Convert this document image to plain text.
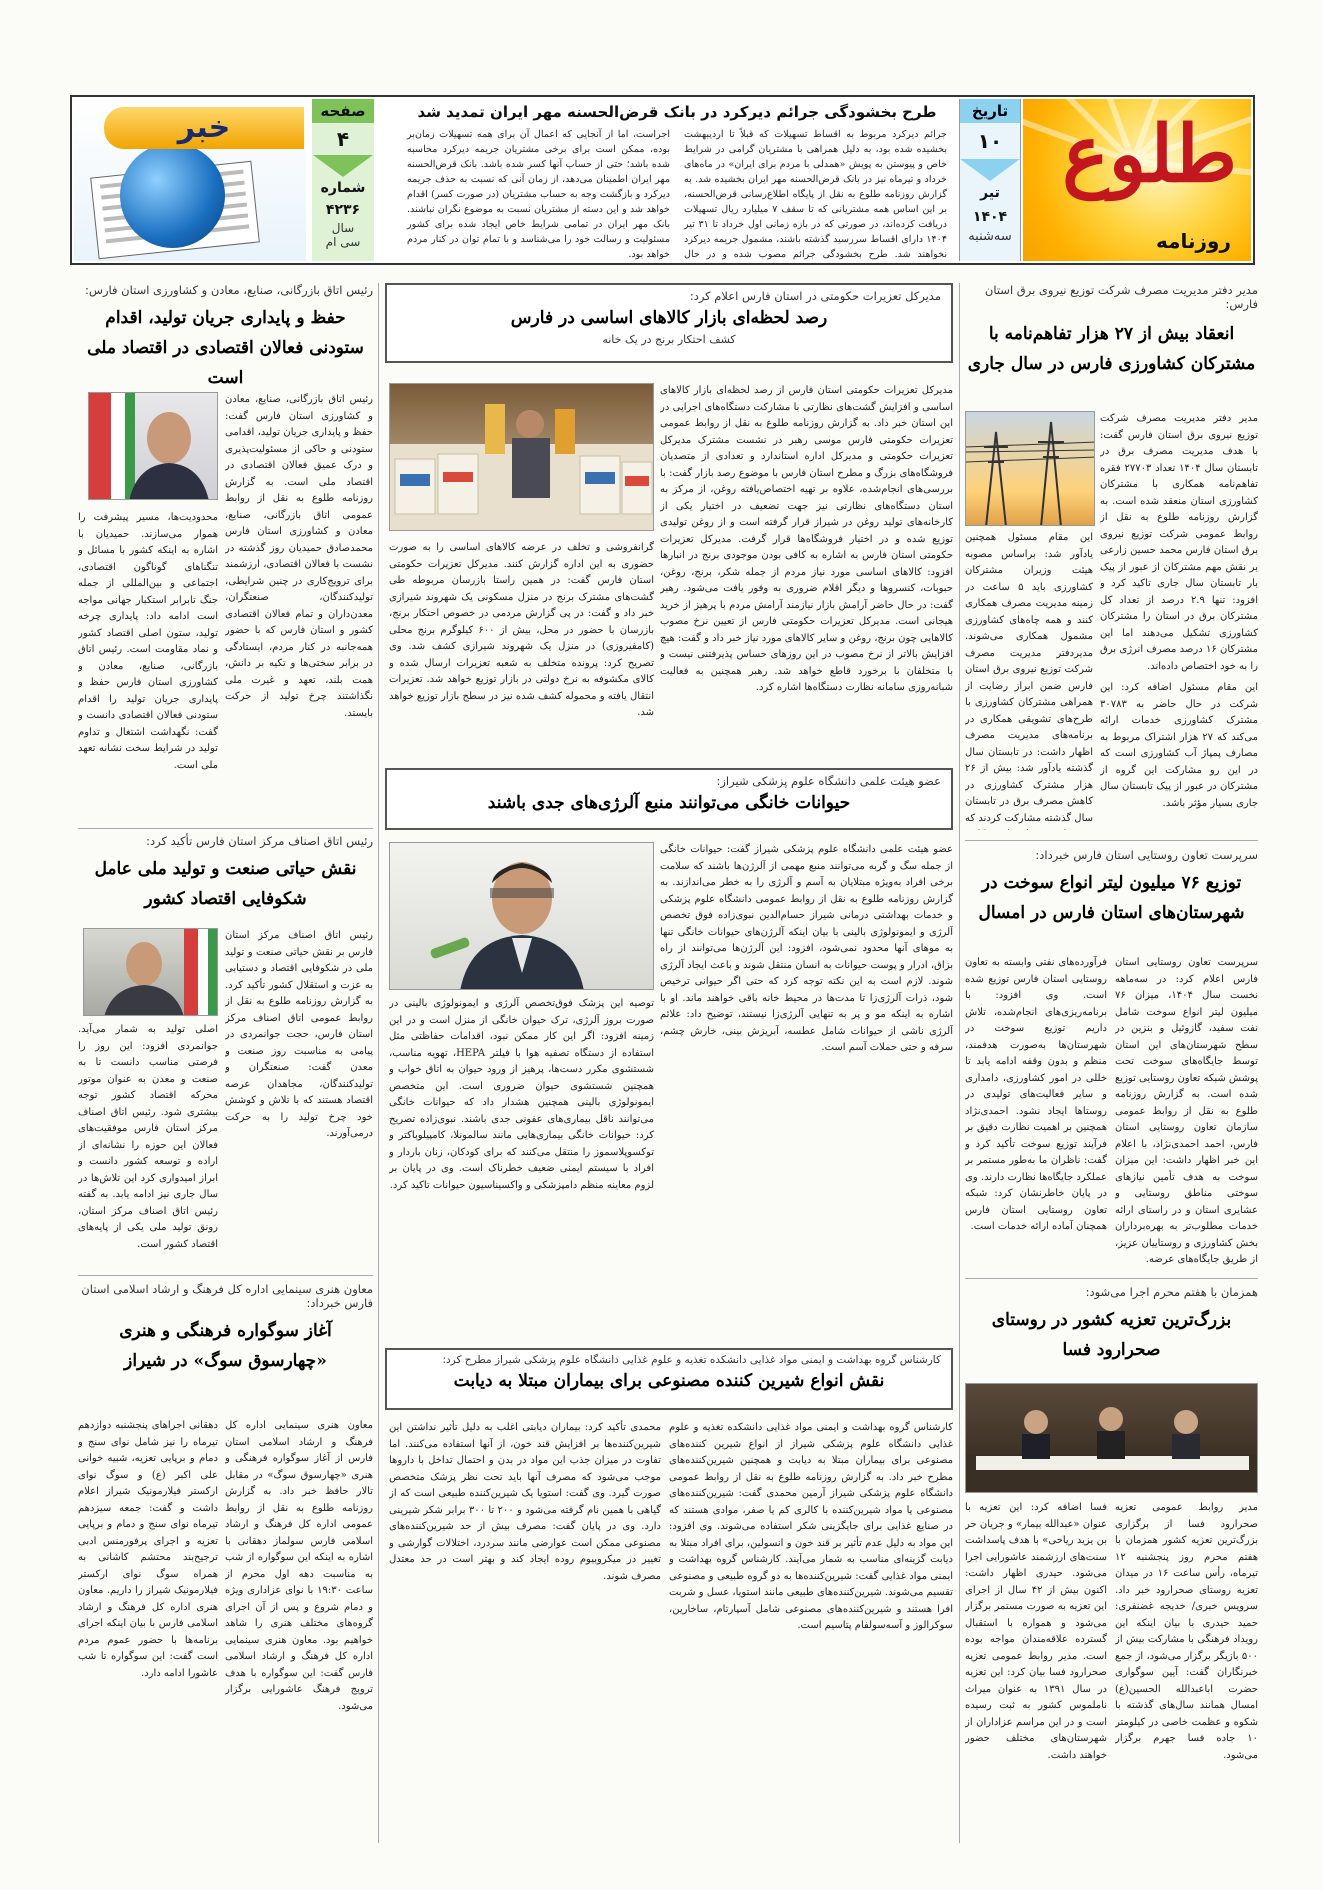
طلوع
روزنامه
تاریخ
۱۰
تیر
۱۴۰۴
سه‌شنبه
طرح بخشودگی جرائم دیرکرد در بانک قرض‌الحسنه مهر ایران تمدید شد
جرائم دیرکرد مربوط به اقساط تسهیلات که قبلاً تا اردیبهشت بخشیده شده بود، به دلیل همراهی با مشتریان گرامی در شرایط خاص و پیوستن به پویش «همدلی با مردم برای ایران» در ماه‌های خرداد و تیرماه نیز در بانک قرض‌الحسنه مهر ایران بخشیده شد. به گزارش روزنامه طلوع به نقل از پایگاه اطلاع‌رسانی قرض‌الحسنه، بر این اساس همه مشتریانی که تا سقف ۷ میلیارد ریال تسهیلات دریافت کرده‌اند، در صورتی که در بازه زمانی اول خرداد تا ۳۱ تیر ۱۴۰۴ دارای اقساط سررسید گذشته باشند، مشمول جریمه دیرکرد نخواهند شد. طرح بخشودگی جرائم مصوب شده و در حال اجراست، اما از آنجایی که اعمال آن برای همه تسهیلات زمان‌بر بوده، ممکن است برای برخی مشتریان جریمه دیرکرد محاسبه شده باشد؛ حتی از حساب آنها کسر شده باشد. بانک قرض‌الحسنه مهر ایران اطمینان می‌دهد، از زمان آنی که نسبت به حذف جریمه دیرکرد و بازگشت وجه به حساب مشتریان (در صورت کسر) اقدام خواهد شد و این دسته از مشتریان نسبت به موضوع نگران نباشند. بانک مهر ایران در تمامی شرایط خاص ایجاد شده برای کشور مسئولیت و رسالت خود را می‌شناسد و با تمام توان در کنار مردم خواهد بود.
صفحه
۴
شماره
۴۲۳۶
سال
سی ام
خبر
مدیر دفتر مدیریت مصرف شرکت توزیع نیروی برق استان فارس:
انعقاد بیش از ۲۷ هزار تفاهم‌نامه با مشترکان کشاورزی فارس در سال جاری
مدیر دفتر مدیریت مصرف شرکت توزیع نیروی برق استان فارس گفت: با هدف مدیریت مصرف برق در تابستان سال ۱۴۰۴ تعداد ۲۷۷۰۳ فقره تفاهم‌نامه همکاری با مشترکان کشاورزی استان منعقد شده است. به گزارش روزنامه طلوع به نقل از روابط عمومی شرکت توزیع نیروی برق استان فارس محمد حسین زارعی بر نقش مهم مشترکان از عبور از پیک بار تابستان سال جاری تاکید کرد و افزود: تنها ۲.۹ درصد از تعداد کل مشترکان برق در استان را مشترکان کشاورزی تشکیل می‌دهند اما این مشترکان ۱۶ درصد مصرف انرژی برق را به خود اختصاص داده‌اند.
این مقام مسئول همچنین یادآور شد: براساس مصوبه هیئت وزیران مشترکان کشاورزی باید ۵ ساعت در زمینه مدیریت مصرف همکاری کنند و همه چاه‌های کشاورزی مشمول همکاری می‌شوند. مدیردفتر مدیریت مصرف شرکت توزیع نیروی برق استان فارس ضمن ابراز رضایت از همراهی مشترکان کشاورزی با طرح‌های تشویقی همکاری در برنامه‌های مدیریت مصرف اظهار داشت: در تابستان سال گذشته یادآور شد: بیش از ۲۶ هزار مشترک کشاورزی در کاهش مصرف برق در تابستان سال گذشته مشارکت کردند که
این مقام مسئول اضافه کرد: این شرکت در حال حاضر به ۳۰۷۸۳ مشترک کشاورزی خدمات ارائه می‌کند که ۲۷ هزار اشتراک مربوط به مصارف پمپاژ آب کشاورزی است که در این رو مشارکت این گروه از مشترکان در عبور از پیک تابستان سال جاری بسیار مؤثر باشد.
سرپرست تعاون روستایی استان فارس خبرداد:
توزیع ۷۶ میلیون لیتر انواع سوخت در شهرستان‌های استان فارس در امسال
سرپرست تعاون روستایی استان فارس اعلام کرد: در سه‌ماهه نخست سال ۱۴۰۴، میزان ۷۶ میلیون لیتر انواع سوخت شامل نفت سفید، گازوئیل و بنزین در سطح شهرستان‌های این استان توسط جایگاه‌های سوخت تحت پوشش شبکه تعاون روستایی توزیع شده است. به گزارش روزنامه طلوع به نقل از روابط عمومی سازمان تعاون روستایی استان فارس، احمد احمدی‌نژاد، با اعلام این خبر اظهار داشت: این میزان سوخت به هدف تأمین نیازهای سوختی مناطق روستایی و عشایری استان و در راستای ارائه خدمات مطلوب‌تر به بهره‌برداران بخش کشاورزی و روستاییان عزیز، از طریق جایگاه‌های عرضه.
فرآورده‌های نفتی وابسته به تعاون روستایی استان فارس توزیع شده است. وی افزود: با برنامه‌ریزی‌های انجام‌شده، تلاش داریم توزیع سوخت در شهرستان‌ها به‌صورت هدفمند، منظم و بدون وقفه ادامه یابد تا خللی در امور کشاورزی، دامداری و سایر فعالیت‌های تولیدی در روستاها ایجاد نشود. احمدی‌نژاد همچنین بر اهمیت نظارت دقیق بر فرآیند توزیع سوخت تأکید کرد و گفت: ناظران ما به‌طور مستمر بر عملکرد جایگاه‌ها نظارت دارند. وی در پایان خاطرنشان کرد: شبکه تعاون روستایی استان فارس همچنان آماده ارائه خدمات است.
همزمان با هفتم محرم اجرا می‌شود:
بزرگ‌ترین تعزیه کشور در روستای صحرارود فسا
مدیر روابط عمومی تعزیه صحرارود فسا از برگزاری بزرگ‌ترین تعزیه کشور همزمان با هفتم محرم روز پنجشنبه ۱۲ تیرماه، رأس ساعت ۱۶ در میدان تعزیه روستای صحرارود خبر داد. سرویس خبری/ خدیجه غضنفری: حمید حیدری با بیان اینکه این رویداد فرهنگی با مشارکت بیش از ۵۰۰ بازیگر برگزار می‌شود، از جمع خبرنگاران گفت: آیین سوگواری حضرت ابا‌عبدالله الحسین(ع) امسال همانند سال‌های گذشته با شکوه و عظمت خاصی در کیلومتر ۱۰ جاده فسا جهرم برگزار می‌شود.
فسا اضافه کرد: این تعزیه با عنوان «عبدالله بیمار» و جریان حر بن یزید ریاحی» با هدف پاسداشت سنت‌های ارزشمند عاشورایی اجرا می‌شود. حیدری اظهار داشت: اکنون بیش از ۴۲ سال از اجرای این تعزیه به صورت مستمر برگزار می‌شود و همواره با استقبال گسترده علاقه‌مندان مواجه بوده است. مدیر روابط عمومی تعزیه صحرارود فسا بیان کرد: این تعزیه در سال ۱۳۹۱ به عنوان میراث ناملموس کشور به ثبت رسیده است و در این مراسم عزاداران از شهرستان‌های مختلف حضور خواهند داشت.
مدیرکل تعزیرات حکومتی در استان فارس اعلام کرد:
رصد لحظه‌ای بازار کالاهای اساسی در فارس
کشف احتکار برنج در یک خانه
مدیرکل تعزیرات حکومتی استان فارس از رصد لحظه‌ای بازار کالاهای اساسی و افزایش گشت‌های نظارتی با مشارکت دستگاه‌های اجرایی در این استان خبر داد. به گزارش روزنامه طلوع به نقل از روابط عمومی تعزیرات حکومتی فارس موسی رهبر در نشست مشترک مدیرکل تعزیرات حکومتی و مدیرکل اداره استاندارد و تعدادی از متصدیان فروشگاه‌های بزرگ و مطرح استان فارس با موضوع رصد بازار گفت: با بررسی‌های انجام‌شده، علاوه بر تهیه اختصاص‌یافته روغن، از مرکز به استان دستگاه‌های نظارتی نیز جهت تضعیف در اختیار یکی از کارخانه‌های تولید روغن در شیراز قرار گرفته است و از روغن تولیدی توزیع شده و در اختیار فروشگاه‌ها قرار گرفت. مدیرکل تعزیرات حکومتی استان فارس به اشاره به کافی بودن موجودی برنج در انبارها افزود: کالاهای اساسی مورد نیاز مردم از جمله شکر، برنج، روغن، حبوبات، کنسروها و دیگر اقلام ضروری به وفور یافت می‌شود. رهبر گفت: در حال حاضر آرامش بازار نیازمند آرامش مردم با پرهیز از خرید هیجانی است. مدیرکل تعزیرات حکومتی فارس از تعیین نرخ مصوب کالاهایی چون برنج، روغن و سایر کالاهای مورد نیاز خبر داد و گفت: هیچ افزایش بالاتر از نرخ مصوب در این روزهای حساس پذیرفتنی نیست و با متخلفان با برخورد قاطع خواهد شد. رهبر همچنین به فعالیت شبانه‌روزی سامانه نظارت دستگاه‌ها اشاره کرد.
گرانفروشی و تخلف در عرضه کالاهای اساسی را به صورت حضوری به این اداره گزارش کنند. مدیرکل تعزیرات حکومتی استان فارس گفت: در همین راستا بازرسان مربوطه طی گشت‌های مشترک برنج در منزل مسکونی یک شهروند شیرازی خبر داد و گفت: در پی گزارش مردمی در خصوص احتکار برنج، بازرسان با حضور در محل، بیش از ۶۰۰ کیلوگرم برنج محلی (کامفیروزی) در منزل یک شهروند شیرازی کشف شد. وی تصریح کرد: پرونده متخلف به شعبه تعزیرات ارسال شده و کالای مکشوفه به نرخ دولتی در بازار توزیع خواهد شد. تعزیرات انتقال یافته و محموله کشف شده نیز در سطح بازار توزیع خواهد شد.
عضو هیئت علمی دانشگاه علوم پزشکی شیراز:
حیوانات خانگی می‌توانند منبع آلرژی‌های جدی باشند
عضو هیئت علمی دانشگاه علوم پزشکی شیراز گفت: حیوانات خانگی از جمله سگ و گربه می‌توانند منبع مهمی از آلرژن‌ها باشند که سلامت برخی افراد به‌ویژه مبتلایان به آسم و آلرژی را به خطر می‌اندازند. به گزارش روزنامه طلوع به نقل از روابط عمومی دانشگاه علوم پزشکی و خدمات بهداشتی درمانی شیراز حسام‌الدین نبوی‌زاده فوق تخصص آلرژی و ایمونولوژی بالینی با بیان اینکه آلرژن‌های حیوانات خانگی تنها به موهای آنها محدود نمی‌شود، افزود: این آلرژن‌ها می‌توانند از راه بزاق، ادرار و پوست حیوانات به انسان منتقل شوند و باعث ایجاد آلرژی شوند. لازم است به این نکته توجه کرد که حتی اگر حیوانی ترخیص شود، ذرات آلرژی‌زا تا مدت‌ها در محیط خانه باقی خواهند ماند. او با اشاره به اینکه مو و پر به تنهایی آلرژی‌زا نیستند، توضیح داد: علائم آلرژی ناشی از حیوانات شامل عطسه، آبریزش بینی، خارش چشم، سرفه و حتی حملات آسم است.
توصیه این پزشک فوق‌تخصص آلرژی و ایمونولوژی بالینی در صورت بروز آلرژی، ترک حیوان خانگی از منزل است و در این زمینه افزود: اگر این کار ممکن نبود، اقدامات حفاظتی مثل استفاده از دستگاه تصفیه هوا با فیلتر HEPA، تهویه مناسب، شستشوی مکرر دست‌ها، پرهیز از ورود حیوان به اتاق خواب و همچنین شستشوی حیوان ضروری است. این متخصص ایمونولوژی بالینی همچنین هشدار داد که حیوانات خانگی می‌توانند ناقل بیماری‌های عفونی جدی باشند. نبوی‌زاده تصریح کرد: حیوانات خانگی بیماری‌هایی مانند سالمونلا، کامپیلوباکتر و توکسوپلاسموز را منتقل می‌کنند که برای کودکان، زنان باردار و افراد با سیستم ایمنی ضعیف خطرناک است. وی در پایان بر لزوم معاینه منظم دامپزشکی و واکسیناسیون حیوانات تاکید کرد.
کارشناس گروه بهداشت و ایمنی مواد غذایی دانشکده تغذیه و علوم غذایی دانشگاه علوم پزشکی شیراز مطرح کرد:
نقش انواع شیرین کننده مصنوعی برای بیماران مبتلا به دیابت
کارشناس گروه بهداشت و ایمنی مواد غذایی دانشکده تغذیه و علوم غذایی دانشگاه علوم پزشکی شیراز از انواع شیرین کننده‌های مصنوعی برای بیماران مبتلا به دیابت و همچنین شیرین‌کننده‌های مطرح خبر داد. به گزارش روزنامه طلوع به نقل از روابط عمومی دانشگاه علوم پزشکی شیراز آرمین محمدی گفت: شیرین‌کننده‌های مصنوعی یا مواد شیرین‌کننده با کالری کم یا صفر، موادی هستند که در صنایع غذایی برای جایگزینی شکر استفاده می‌شوند. وی افزود: این مواد به دلیل عدم تأثیر بر قند خون و انسولین، برای افراد مبتلا به دیابت گزینه‌ای مناسب به شمار می‌آیند. کارشناس گروه بهداشت و ایمنی مواد غذایی گفت: شیرین‌کننده‌ها به دو گروه طبیعی و مصنوعی تقسیم می‌شوند. شیرین‌کننده‌های طبیعی مانند استویا، عسل و شربت افرا هستند و شیرین‌کننده‌های مصنوعی شامل آسپارتام، ساخارین، سوکرالوز و آسه‌سولفام پتاسیم است.
محمدی تأکید کرد: بیماران دیابتی اغلب به دلیل تأثیر نداشتن این شیرین‌کننده‌ها بر افزایش قند خون، از آنها استفاده می‌کنند. اما تفاوت در میزان جذب این مواد در بدن و احتمال تداخل با داروها موجب می‌شود که مصرف آنها باید تحت نظر پزشک متخصص صورت گیرد. وی گفت: استویا یک شیرین‌کننده طبیعی است که از گیاهی با همین نام گرفته می‌شود و ۲۰۰ تا ۳۰۰ برابر شکر شیرینی دارد. وی در پایان گفت: مصرف بیش از حد شیرین‌کننده‌های مصنوعی ممکن است عوارضی مانند سردرد، اختلالات گوارشی و تغییر در میکروبیوم روده ایجاد کند و بهتر است در حد معتدل مصرف شوند.
رئیس اتاق بازرگانی، صنایع، معادن و کشاورزی استان فارس:
حفظ و پایداری جریان تولید، اقدام ستودنی فعالان اقتصادی در اقتصاد ملی است
رئیس اتاق بازرگانی، صنایع، معادن و کشاورزی استان فارس گفت: حفظ و پایداری جریان تولید، اقدامی ستودنی و حاکی از مسئولیت‌پذیری و درک عمیق فعالان اقتصادی در اقتصاد ملی است. به گزارش روزنامه طلوع به نقل از روابط عمومی اتاق بازرگانی، صنایع، معادن و کشاورزی استان فارس محمدصادق حمیدیان روز گذشته در نشست با فعالان اقتصادی، ارزشمند برای ترویج‌کاری در چنین شرایطی، تولیدکنندگان، صنعتگران، معدن‌داران و تمام فعالان اقتصادی کشور و استان فارس که با حضور همه‌جانبه در کنار مردم، ایستادگی در برابر سختی‌ها و تکیه بر دانش، همت بلند، تعهد و غیرت ملی نگذاشتند چرخ تولید از حرکت بایستد.
محدودیت‌ها، مسیر پیشرفت را هموار می‌سازند. حمیدیان با اشاره به اینکه کشور با مسائل و تنگناهای گوناگون اقتصادی، اجتماعی و بین‌المللی از جمله جنگ تابرابر استکبار جهانی مواجه است ادامه داد: پایداری چرخه تولید، ستون اصلی اقتصاد کشور و نماد مقاومت است. رئیس اتاق بازرگانی، صنایع، معادن و کشاورزی استان فارس حفظ و پایداری جریان تولید را اقدام ستودنی فعالان اقتصادی دانست و گفت: نگهداشت اشتغال و تداوم تولید در شرایط سخت نشانه تعهد ملی است.
رئیس اتاق اصناف مرکز استان فارس تأکید کرد:
نقش حیاتی صنعت و تولید ملی عامل شکوفایی اقتصاد کشور
رئیس اتاق اصناف مرکز استان فارس بر نقش حیاتی صنعت و تولید ملی در شکوفایی اقتصاد و دستیابی به عزت و استقلال کشور تأکید کرد. به گزارش روزنامه طلوع به نقل از روابط عمومی اتاق اصناف مرکز استان فارس، حجت جوانمردی در پیامی به مناسبت روز صنعت و معدن گفت: صنعتگران و تولیدکنندگان، مجاهدان عرصه اقتصاد هستند که با تلاش و کوشش خود چرخ تولید را به حرکت درمی‌آورند.
اصلی تولید به شمار می‌آید. جوانمردی افزود: این روز را فرصتی مناسب دانست تا به صنعت و معدن به عنوان موتور محرکه اقتصاد کشور توجه بیشتری شود. رئیس اتاق اصناف مرکز استان فارس موفقیت‌های فعالان این حوزه را نشانه‌ای از اراده و توسعه کشور دانست و ابراز امیدواری کرد این تلاش‌ها در سال جاری نیز ادامه یابد. به گفته رئیس اتاق اصناف مرکز استان، رونق تولید ملی یکی از پایه‌های اقتصاد کشور است.
معاون هنری سینمایی اداره کل فرهنگ و ارشاد اسلامی استان فارس خبرداد:
آغاز سوگواره فرهنگی و هنری «چهارسوق سوگ» در شیراز
معاون هنری سینمایی اداره کل فرهنگ و ارشاد اسلامی استان فارس از آغاز سوگواره فرهنگی و هنری «چهارسوق سوگ» در مقابل تالار حافظ خبر داد. به گزارش روزنامه طلوع به نقل از روابط عمومی اداره کل فرهنگ و ارشاد اسلامی فارس سولماز دهقانی با اشاره به اینکه این سوگواره از شب به مناسبت دهه اول محرم از ساعت ۱۹:۳۰ با نوای عزاداری ویژه و دمام شروع و پس از آن اجرای گروه‌های مختلف هنری را شاهد خواهیم بود. معاون هنری سینمایی اداره کل فرهنگ و ارشاد اسلامی فارس گفت: این سوگواره با هدف ترویج فرهنگ عاشورایی برگزار می‌شود.
دهقانی اجراهای پنجشنبه دوازدهم تیرماه را نیز شامل نوای سنج و دمام و برپایی تعزیه، شبیه خوانی علی اکبر (ع) و سوگ نوای ارکستر فیلارمونیک شیراز اعلام داشت و گفت: جمعه سیزدهم تیرماه نوای سنج و دمام و برپایی تعزیه و اجرای پرفورمنس ادبی ترجیح‌بند محتشم کاشانی به همراه سوگ نوای ارکستر فیلارمونیک شیراز را داریم. معاون هنری اداره کل فرهنگ و ارشاد اسلامی فارس با بیان اینکه اجرای برنامه‌ها با حضور عموم مردم است گفت: این سوگواره تا شب عاشورا ادامه دارد.
